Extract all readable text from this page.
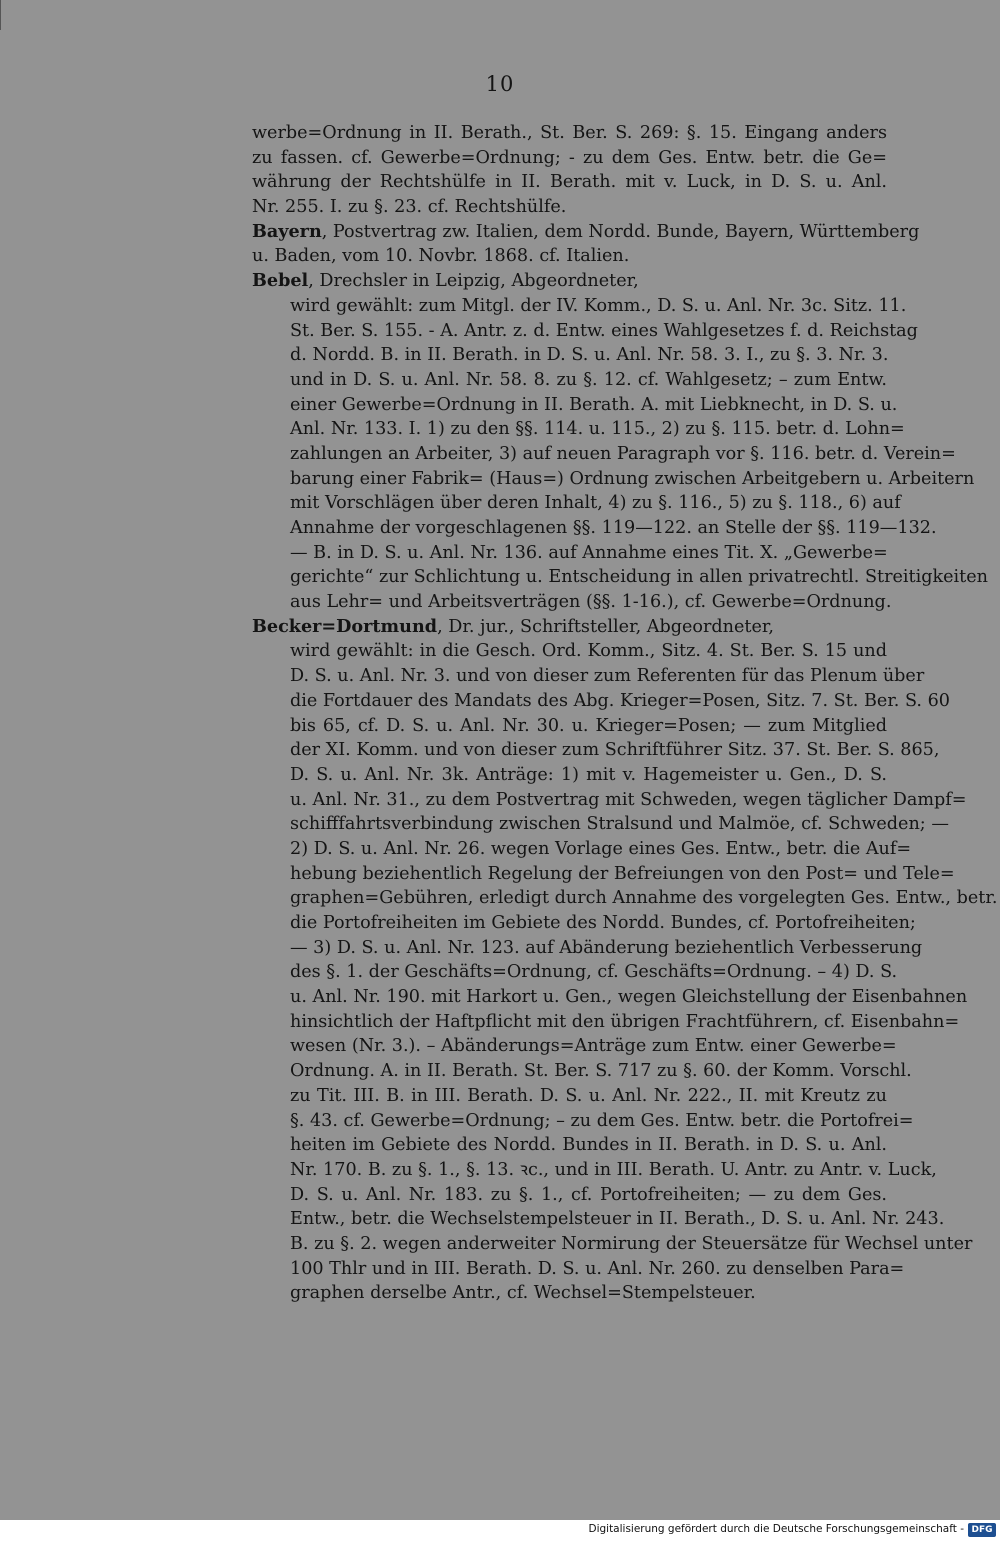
10
werbe=Ordnung in II. Berath., St. Ber. S. 269: §. 15. Eingang anders
zu fassen. cf. Gewerbe=Ordnung; - zu dem Ges. Entw. betr. die Ge=
währung der Rechtshülfe in II. Berath. mit v. Luck, in D. S. u. Anl.
Nr. 255. I. zu §. 23. cf. Rechtshülfe.
Bayern, Postvertrag zw. Italien, dem Nordd. Bunde, Bayern, Württemberg
u. Baden, vom 10. Novbr. 1868. cf. Italien.
Bebel, Drechsler in Leipzig, Abgeordneter,
wird gewählt: zum Mitgl. der IV. Komm., D. S. u. Anl. Nr. 3c. Sitz. 11.
St. Ber. S. 155. - A. Antr. z. d. Entw. eines Wahlgesetzes f. d. Reichstag
d. Nordd. B. in II. Berath. in D. S. u. Anl. Nr. 58. 3. I., zu §. 3. Nr. 3.
und in D. S. u. Anl. Nr. 58. 8. zu §. 12. cf. Wahlgesetz; – zum Entw.
einer Gewerbe=Ordnung in II. Berath. A. mit Liebknecht, in D. S. u.
Anl. Nr. 133. I. 1) zu den §§. 114. u. 115., 2) zu §. 115. betr. d. Lohn=
zahlungen an Arbeiter, 3) auf neuen Paragraph vor §. 116. betr. d. Verein=
barung einer Fabrik= (Haus=) Ordnung zwischen Arbeitgebern u. Arbeitern
mit Vorschlägen über deren Inhalt, 4) zu §. 116., 5) zu §. 118., 6) auf
Annahme der vorgeschlagenen §§. 119—122. an Stelle der §§. 119—132.
— B. in D. S. u. Anl. Nr. 136. auf Annahme eines Tit. X. „Gewerbe=
gerichte“ zur Schlichtung u. Entscheidung in allen privatrechtl. Streitigkeiten
aus Lehr= und Arbeitsverträgen (§§. 1-16.), cf. Gewerbe=Ordnung.
Becker=Dortmund, Dr. jur., Schriftsteller, Abgeordneter,
wird gewählt: in die Gesch. Ord. Komm., Sitz. 4. St. Ber. S. 15 und
D. S. u. Anl. Nr. 3. und von dieser zum Referenten für das Plenum über
die Fortdauer des Mandats des Abg. Krieger=Posen, Sitz. 7. St. Ber. S. 60
bis 65, cf. D. S. u. Anl. Nr. 30. u. Krieger=Posen; — zum Mitglied
der XI. Komm. und von dieser zum Schriftführer Sitz. 37. St. Ber. S. 865,
D. S. u. Anl. Nr. 3k. Anträge: 1) mit v. Hagemeister u. Gen., D. S.
u. Anl. Nr. 31., zu dem Postvertrag mit Schweden, wegen täglicher Dampf=
schifffahrtsverbindung zwischen Stralsund und Malmöe, cf. Schweden; —
2) D. S. u. Anl. Nr. 26. wegen Vorlage eines Ges. Entw., betr. die Auf=
hebung beziehentlich Regelung der Befreiungen von den Post= und Tele=
graphen=Gebühren, erledigt durch Annahme des vorgelegten Ges. Entw., betr.
die Portofreiheiten im Gebiete des Nordd. Bundes, cf. Portofreiheiten;
— 3) D. S. u. Anl. Nr. 123. auf Abänderung beziehentlich Verbesserung
des §. 1. der Geschäfts=Ordnung, cf. Geschäfts=Ordnung. – 4) D. S.
u. Anl. Nr. 190. mit Harkort u. Gen., wegen Gleichstellung der Eisenbahnen
hinsichtlich der Haftpflicht mit den übrigen Frachtführern, cf. Eisenbahn=
wesen (Nr. 3.). – Abänderungs=Anträge zum Entw. einer Gewerbe=
Ordnung. A. in II. Berath. St. Ber. S. 717 zu §. 60. der Komm. Vorschl.
zu Tit. III. B. in III. Berath. D. S. u. Anl. Nr. 222., II. mit Kreutz zu
§. 43. cf. Gewerbe=Ordnung; – zu dem Ges. Entw. betr. die Portofrei=
heiten im Gebiete des Nordd. Bundes in II. Berath. in D. S. u. Anl.
Nr. 170. B. zu §. 1., §. 13. ꝛc., und in III. Berath. U. Antr. zu Antr. v. Luck,
D. S. u. Anl. Nr. 183. zu §. 1., cf. Portofreiheiten; — zu dem Ges.
Entw., betr. die Wechselstempelsteuer in II. Berath., D. S. u. Anl. Nr. 243.
B. zu §. 2. wegen anderweiter Normirung der Steuersätze für Wechsel unter
100 Thlr und in III. Berath. D. S. u. Anl. Nr. 260. zu denselben Para=
graphen derselbe Antr., cf. Wechsel=Stempelsteuer.
Digitalisierung gefördert durch die Deutsche Forschungsgemeinschaft - DFG
